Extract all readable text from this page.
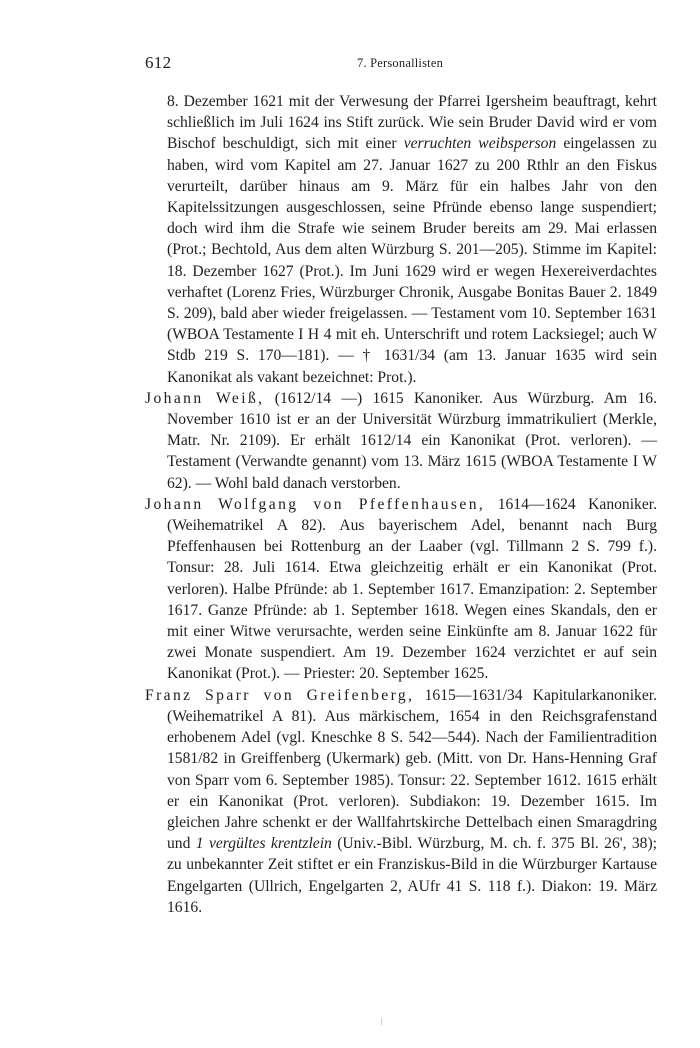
612	7. Personallisten

8. Dezember 1621 mit der Verwesung der Pfarrei Igersheim beauftragt, kehrt schließlich im Juli 1624 ins Stift zurück. Wie sein Bruder David wird er vom Bischof beschuldigt, sich mit einer verruchten weibsperson eingelassen zu haben, wird vom Kapitel am 27. Januar 1627 zu 200 Rthlr an den Fiskus verurteilt, darüber hinaus am 9. März für ein halbes Jahr von den Kapitelssitzungen ausgeschlossen, seine Pfründe ebenso lange suspendiert; doch wird ihm die Strafe wie seinem Bruder bereits am 29. Mai erlassen (Prot.; Bechtold, Aus dem alten Würzburg S. 201—205). Stimme im Kapitel: 18. Dezember 1627 (Prot.). Im Juni 1629 wird er wegen Hexereiverdachtes verhaftet (Lorenz Fries, Würzburger Chronik, Ausgabe Bonitas Bauer 2. 1849 S. 209), bald aber wieder freigelassen. — Testament vom 10. September 1631 (WBOA Testamente I H 4 mit eh. Unterschrift und rotem Lacksiegel; auch W Stdb 219 S. 170—181). — † 1631/34 (am 13. Januar 1635 wird sein Kanonikat als vakant bezeichnet: Prot.).

Johann Weiß, (1612/14 —) 1615 Kanoniker. Aus Würzburg. Am 16. November 1610 ist er an der Universität Würzburg immatrikuliert (Merkle, Matr. Nr. 2109). Er erhält 1612/14 ein Kanonikat (Prot. verloren). — Testament (Verwandte genannt) vom 13. März 1615 (WBOA Testamente I W 62). — Wohl bald danach verstorben.

Johann Wolfgang von Pfeffenhausen, 1614—1624 Kanoniker. (Weihematrikel A 82). Aus bayerischem Adel, benannt nach Burg Pfeffenhausen bei Rottenburg an der Laaber (vgl. Tillmann 2 S. 799 f.). Tonsur: 28. Juli 1614. Etwa gleichzeitig erhält er ein Kanonikat (Prot. verloren). Halbe Pfründe: ab 1. September 1617. Emanzipation: 2. September 1617. Ganze Pfründe: ab 1. September 1618. Wegen eines Skandals, den er mit einer Witwe verursachte, werden seine Einkünfte am 8. Januar 1622 für zwei Monate suspendiert. Am 19. Dezember 1624 verzichtet er auf sein Kanonikat (Prot.). — Priester: 20. September 1625.

Franz Sparr von Greifenberg, 1615—1631/34 Kapitularkanoniker. (Weihematrikel A 81). Aus märkischem, 1654 in den Reichsgrafenstand erhobenem Adel (vgl. Kneschke 8 S. 542—544). Nach der Familientradition 1581/82 in Greiffenberg (Ukermark) geb. (Mitt. von Dr. Hans-Henning Graf von Sparr vom 6. September 1985). Tonsur: 22. September 1612. 1615 erhält er ein Kanonikat (Prot. verloren). Subdiakon: 19. Dezember 1615. Im gleichen Jahre schenkt er der Wallfahrtskirche Dettelbach einen Smaragdring und 1 vergültes krentzlein (Univ.-Bibl. Würzburg, M. ch. f. 375 Bl. 26', 38); zu unbekannter Zeit stiftet er ein Franziskus-Bild in die Würzburger Kartause Engelgarten (Ullrich, Engelgarten 2, AUfr 41 S. 118 f.). Diakon: 19. März 1616.
